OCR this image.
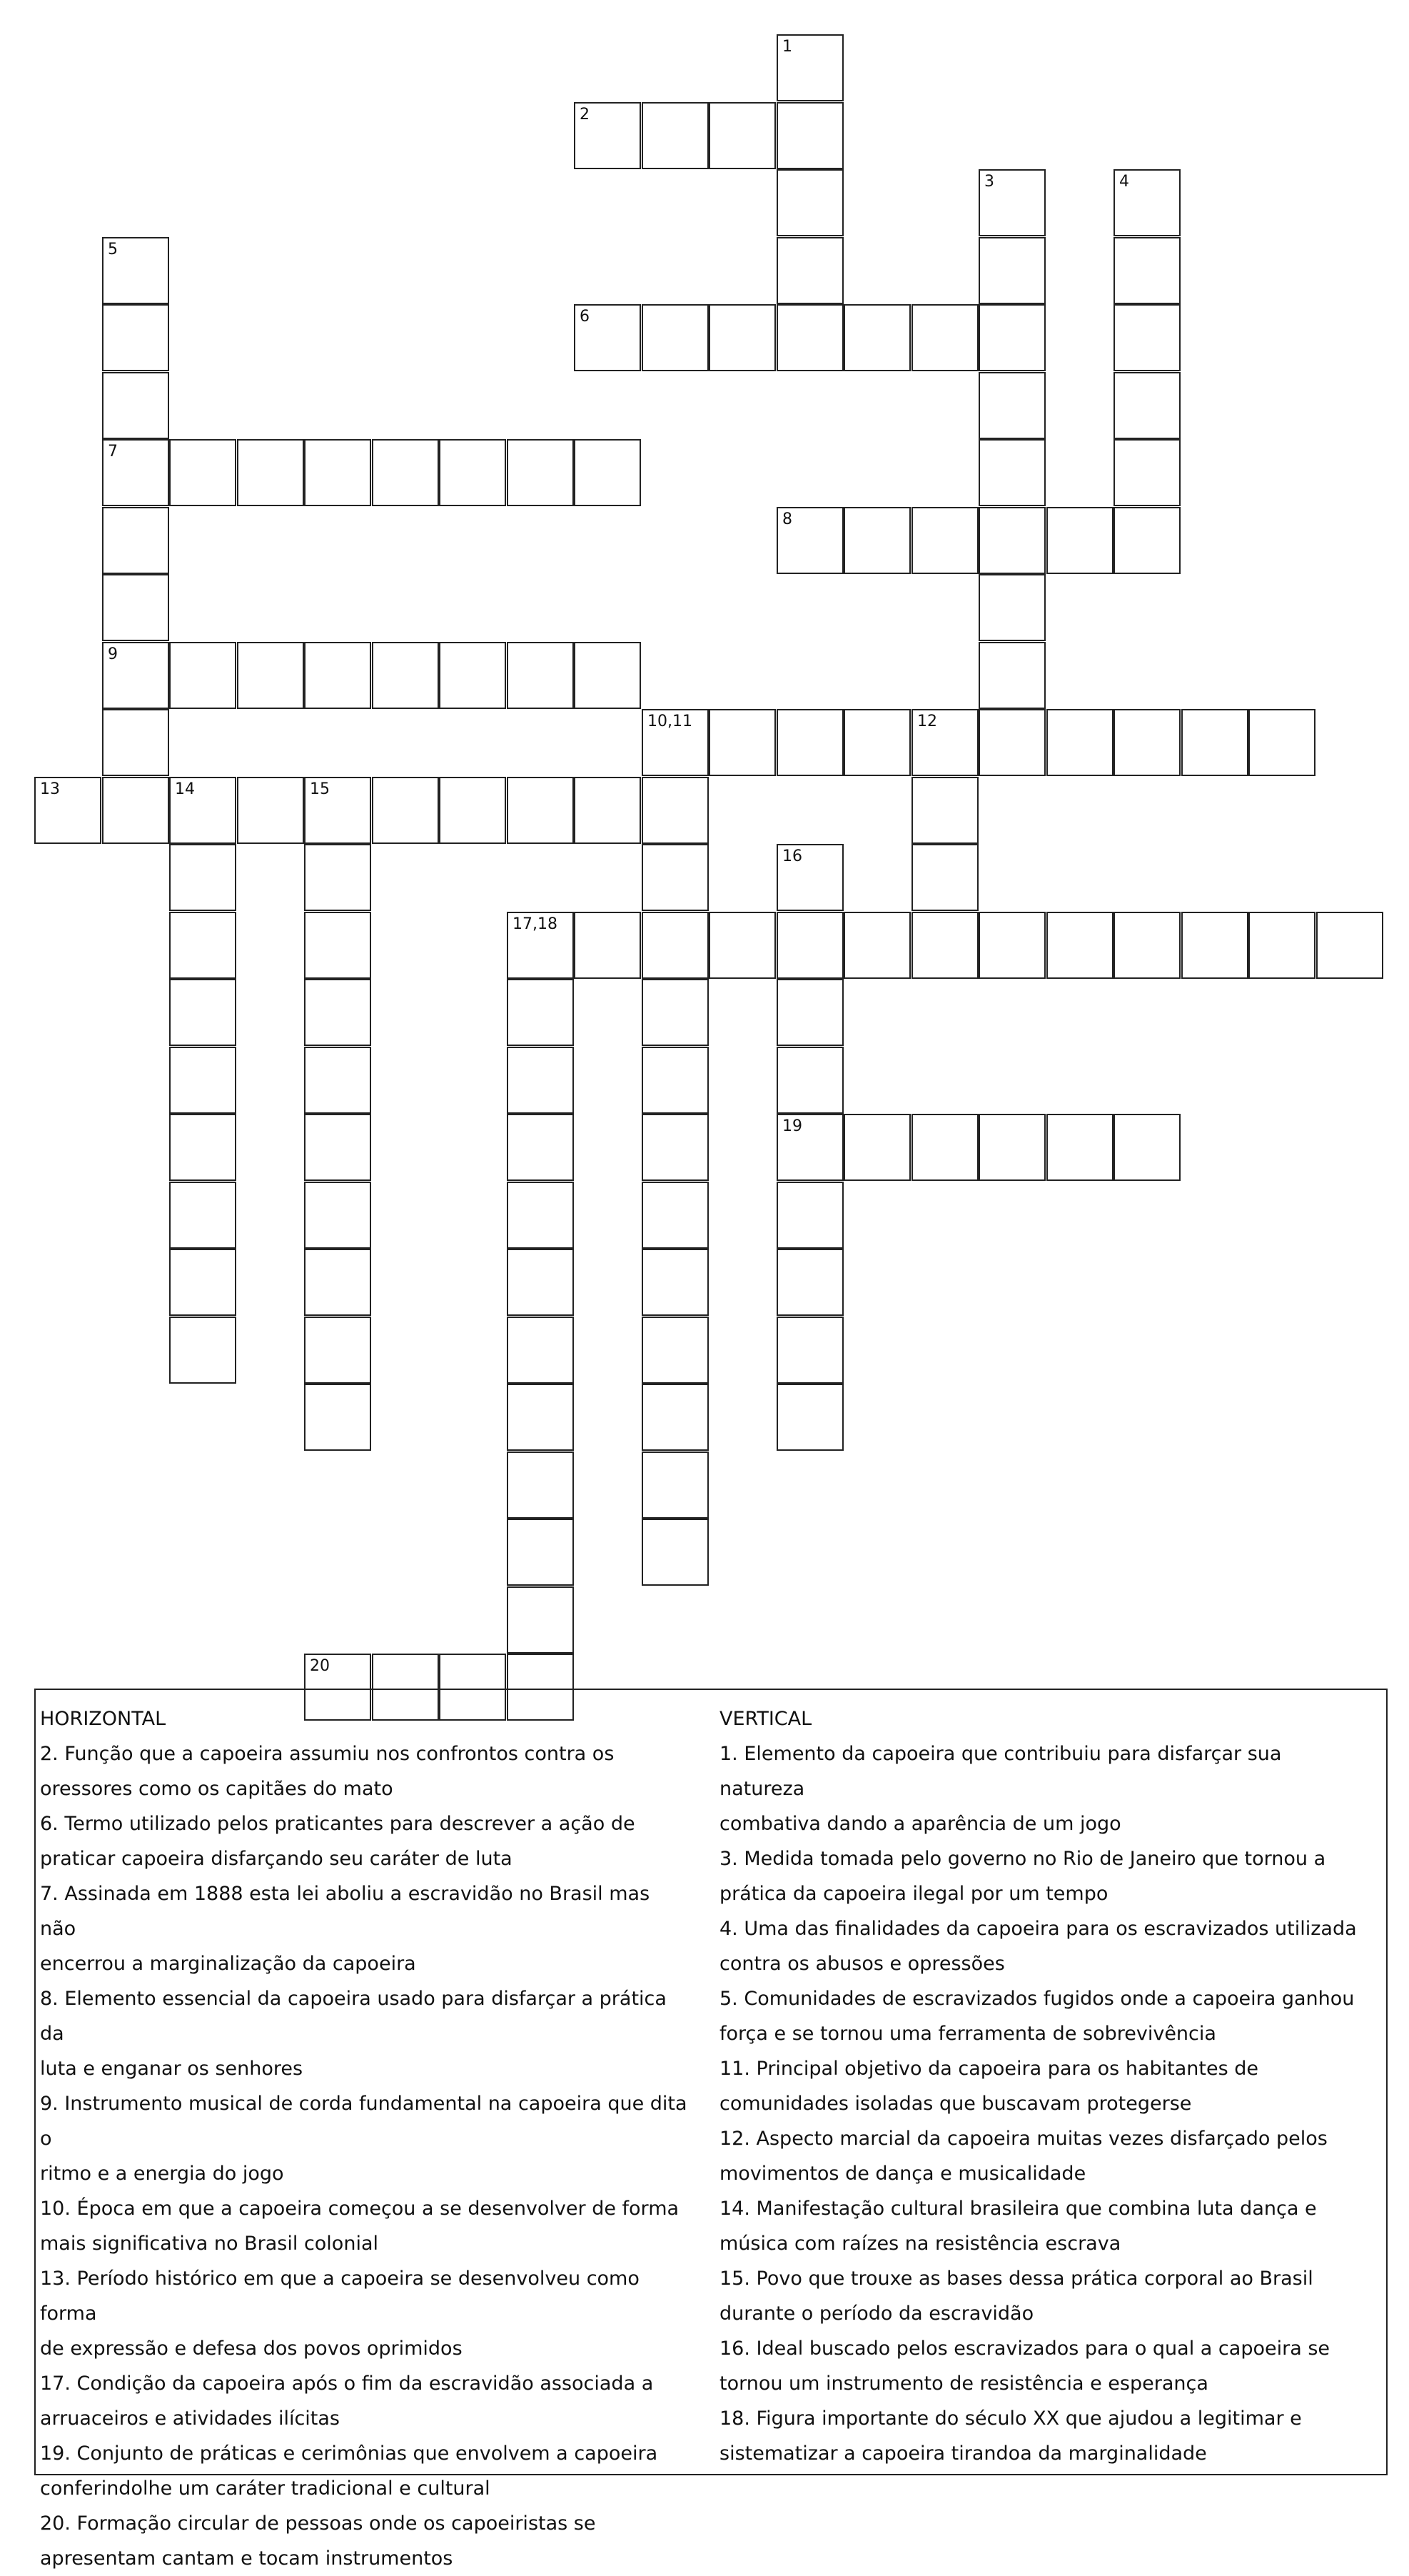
1
2
3	4
5
7
9
6
8
10,11	12
13	14	15
16
19
17,18
20
HORIZONTAL

2. Função que a capoeira assumiu nos confrontos contra os

oressores como os capitães do mato

6. Termo utilizado pelos praticantes para descrever a ação de

praticar capoeira disfarçando seu caráter de luta

7. Assinada em 1888 esta lei aboliu a escravidão no Brasil mas não

encerrou a marginalização da capoeira

8. Elemento essencial da capoeira usado para disfarçar a prática da

luta e enganar os senhores

9. Instrumento musical de corda fundamental na capoeira que dita o

ritmo e a energia do jogo

10. Época em que a capoeira começou a se desenvolver de forma

mais significativa no Brasil colonial

13. Período histórico em que a capoeira se desenvolveu como forma

de expressão e defesa dos povos oprimidos

17. Condição da capoeira após o fim da escravidão associada a

arruaceiros e atividades ilícitas

19. Conjunto de práticas e cerimônias que envolvem a capoeira

conferindolhe um caráter tradicional e cultural

20. Formação circular de pessoas onde os capoeiristas se

apresentam cantam e tocam instrumentos

VERTICAL

1. Elemento da capoeira que contribuiu para disfarçar sua natureza

combativa dando a aparência de um jogo

3. Medida tomada pelo governo no Rio de Janeiro que tornou a

prática da capoeira ilegal por um tempo

4. Uma das finalidades da capoeira para os escravizados utilizada

contra os abusos e opressões

5. Comunidades de escravizados fugidos onde a capoeira ganhou

força e se tornou uma ferramenta de sobrevivência

11. Principal objetivo da capoeira para os habitantes de

comunidades isoladas que buscavam protegerse

12. Aspecto marcial da capoeira muitas vezes disfarçado pelos

movimentos de dança e musicalidade

14. Manifestação cultural brasileira que combina luta dança e

música com raízes na resistência escrava

15. Povo que trouxe as bases dessa prática corporal ao Brasil

durante o período da escravidão

16. Ideal buscado pelos escravizados para o qual a capoeira se

tornou um instrumento de resistência e esperança

18. Figura importante do século XX que ajudou a legitimar e

sistematizar a capoeira tirandoa da marginalidade
